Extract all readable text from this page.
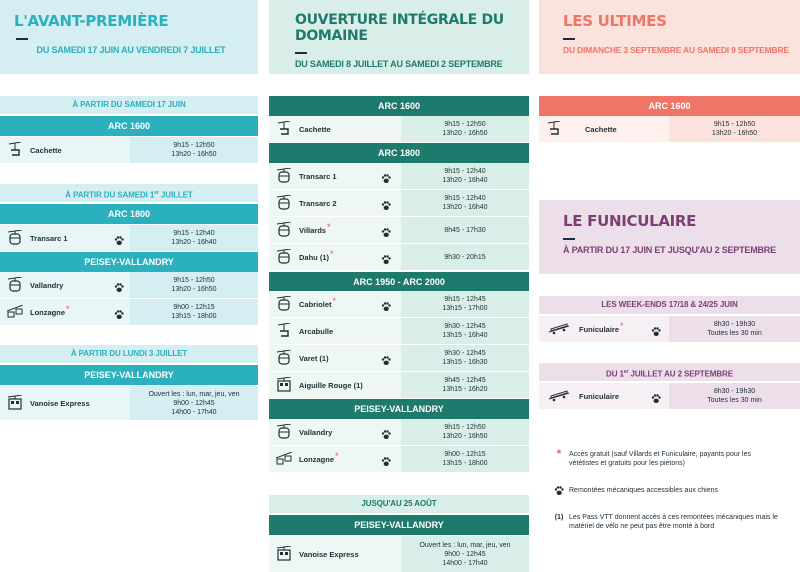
L'AVANT-PREMIÈRE
DU SAMEDI 17 JUIN AU VENDREDI 7 JUILLET
À PARTIR DU SAMEDI 17 JUIN
ARC 1600
Cachette	9h15 - 12h50
13h20 - 16h50
À PARTIR DU SAMEDI 1er JUILLET
ARC 1800
Transarc 1	9h15 - 12h40
13h20 - 16h40
PEISEY-VALLANDRY
Vallandry	9h15 - 12h50
13h20 - 16h50
Lonzagne *	9h00 - 12h15
13h15 - 18h00
À PARTIR DU LUNDI 3 JUILLET
PEISEY-VALLANDRY
Vanoise Express
Ouvert les : lun, mar, jeu, ven
9h00 - 12h45
14h00 - 17h40
OUVERTURE INTÉGRALE DU DOMAINE
DU SAMEDI 8 JUILLET AU SAMEDI 2 SEPTEMBRE
ARC 1600
Cachette	9h15 - 12h50
13h20 - 16h50
ARC 1800
Transarc 1	9h15 - 12h40
13h20 - 16h40
Transarc 2	9h15 - 12h40
13h20 - 16h40
Villards *	8h45 - 17h30
Dahu (1) *	9h30 - 20h15
ARC 1950 - ARC 2000
Cabriolet *	9h15 - 12h45
13h15 - 17h00
Arcabulle	9h30 - 12h45
13h15 - 16h40
Varet (1)	9h30 - 12h45
13h15 - 16h30
Aiguille Rouge (1)	9h45 - 12h45
13h15 - 16h20
PEISEY-VALLANDRY
Vallandry	9h15 - 12h50
13h20 - 16h50
Lonzagne *	9h00 - 12h15
13h15 - 18h00
JUSQU'AU 25 AOÛT
PEISEY-VALLANDRY
Vanoise Express
Ouvert les : lun, mar, jeu, ven
9h00 - 12h45
14h00 - 17h40
LES ULTIMES
DU DIMANCHE 3 SEPTEMBRE AU SAMEDI 9 SEPTEMBRE
ARC 1600
Cachette	9h15 - 12h50
13h20 - 16h50
LE FUNICULAIRE
À PARTIR DU 17 JUIN ET JUSQU'AU 2 SEPTEMBRE
LES WEEK-ENDS 17/18 & 24/25 JUIN
Funiculaire *	8h30 - 19h30
Toutes les 30 min
DU 1er JUILLET AU 2 SEPTEMBRE
Funiculaire	8h30 - 19h30
Toutes les 30 min
*	Accès gratuit (sauf Villards et Funiculaire, payants pour les vététistes et gratuits pour les piétons)
Remontées mécaniques accessibles aux chiens
(1) Les Pass VTT donnent accès à ces remontées mécaniques mais le matériel de vélo ne peut pas être monté à bord
